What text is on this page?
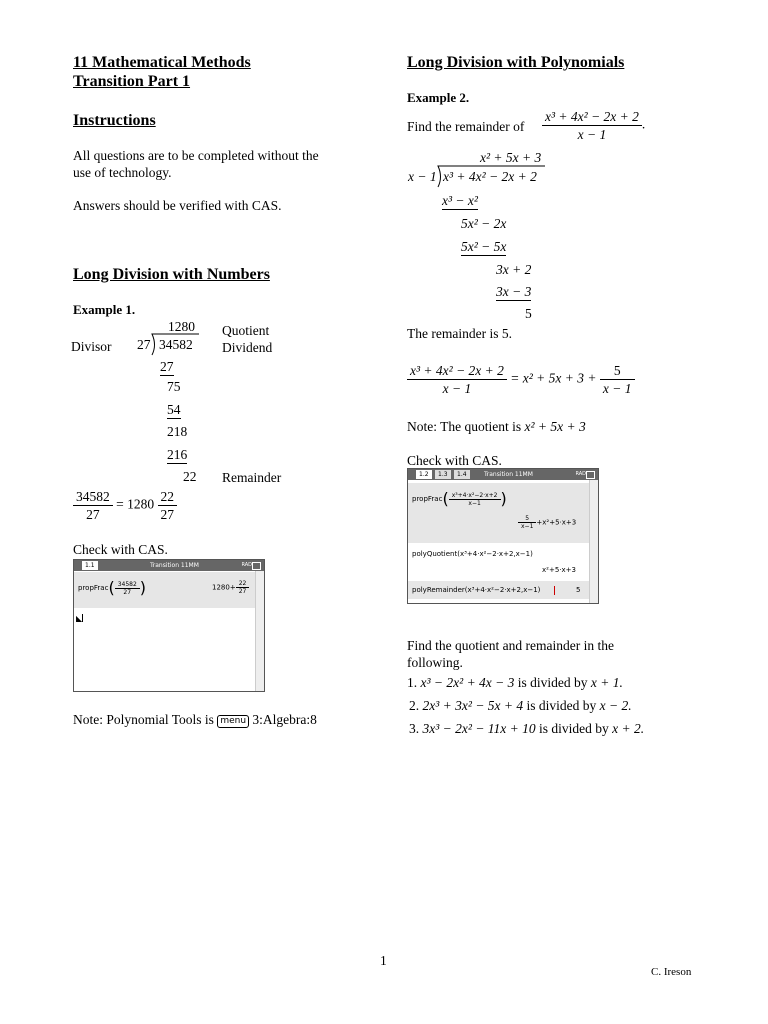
11 Mathematical Methods
Transition Part 1
Instructions
All questions are to be completed without the
use of technology.
Answers should be verified with CAS.
Long Division with Numbers
Example 1.
1280 Quotient
Divisor 27 34582 Dividend
27
75
54
218
216
22 Remainder
$\frac{34582}{27} = 1280 \frac{22}{27}$
Check with CAS.
1.1	Transition 11MM	RAD
propFrac( $\frac{34582}{27}$ )	$1280+ \frac{22}{27}$
◣
Note: Polynomial Tools is menu 3:Algebra:8
Long Division with Polynomials
Example 2.
Find the remainder of $\frac{\text{x³ + 4x² − 2x + 2}}{x - 1}$ .
x² + 5x + 3
x − 1 x³ + 4x² − 2x + 2
x³ − x²
5x² − 2x
5x² − 5x
3x + 2
3x − 3
5
The remainder is 5.
$\frac{\text{x³ + 4x² − 2x + 2}}{x - 1} = x^2 + 5x + 3 + \frac{5}{x - 1}$
Note: The quotient is x² + 5x + 3
Check with CAS.
1.2	1.3	1.4	Transition 11MM	RAD
propFrac( $\frac{\text{x³+4·x²−2·x+2}}{x-1}$ )
$\frac{5}{x-1} +x^2+5\cdot x+3$
polyQuotient(x³+4·x²−2·x+2,x−1)
x²+5·x+3
polyRemainder(x³+4·x²−2·x+2,x−1)	5
Find the quotient and remainder in the
following.
1. x³ − 2x² + 4x − 3 is divided by x + 1.
2. 2x³ + 3x² − 5x + 4 is divided by x − 2.
3. 3x³ − 2x² − 11x + 10 is divided by x + 2.
1
C. Ireson
